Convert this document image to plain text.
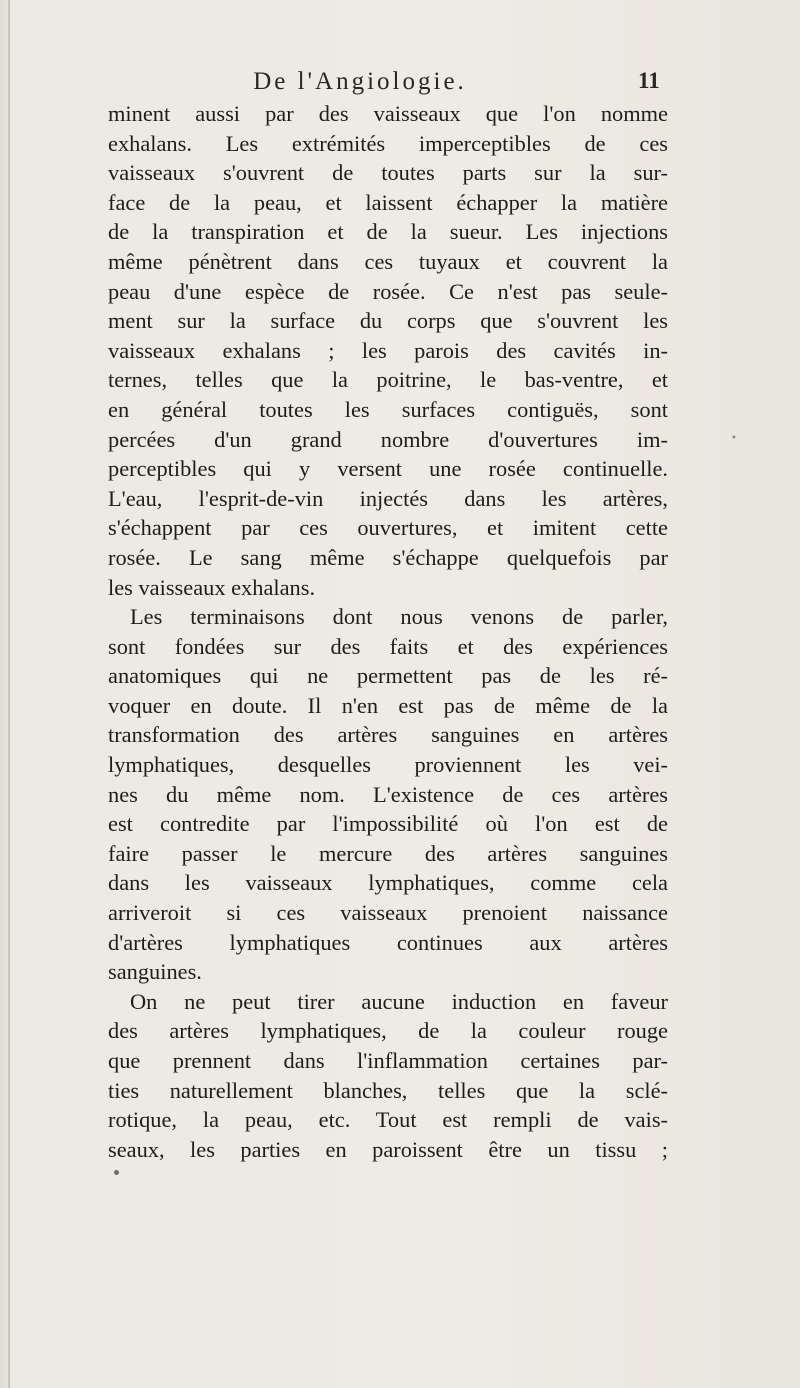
De l'Angiologie.	11
minent aussi par des vaisseaux que l'on nomme
exhalans. Les extrémités imperceptibles de ces
vaisseaux s'ouvrent de toutes parts sur la sur-
face de la peau, et laissent échapper la matière
de la transpiration et de la sueur. Les injections
même pénètrent dans ces tuyaux et couvrent la
peau d'une espèce de rosée. Ce n'est pas seule-
ment sur la surface du corps que s'ouvrent les
vaisseaux exhalans ; les parois des cavités in-
ternes, telles que la poitrine, le bas-ventre, et
en général toutes les surfaces contiguës, sont
percées d'un grand nombre d'ouvertures im-
perceptibles qui y versent une rosée continuelle.
L'eau, l'esprit-de-vin injectés dans les artères,
s'échappent par ces ouvertures, et imitent cette
rosée. Le sang même s'échappe quelquefois par
les vaisseaux exhalans.
Les terminaisons dont nous venons de parler,
sont fondées sur des faits et des expériences
anatomiques qui ne permettent pas de les ré-
voquer en doute. Il n'en est pas de même de la
transformation des artères sanguines en artères
lymphatiques, desquelles proviennent les vei-
nes du même nom. L'existence de ces artères
est contredite par l'impossibilité où l'on est de
faire passer le mercure des artères sanguines
dans les vaisseaux lymphatiques, comme cela
arriveroit si ces vaisseaux prenoient naissance
d'artères lymphatiques continues aux artères
sanguines.
On ne peut tirer aucune induction en faveur
des artères lymphatiques, de la couleur rouge
que prennent dans l'inflammation certaines par-
ties naturellement blanches, telles que la sclé-
rotique, la peau, etc. Tout est rempli de vais-
seaux, les parties en paroissent être un tissu ;
•
